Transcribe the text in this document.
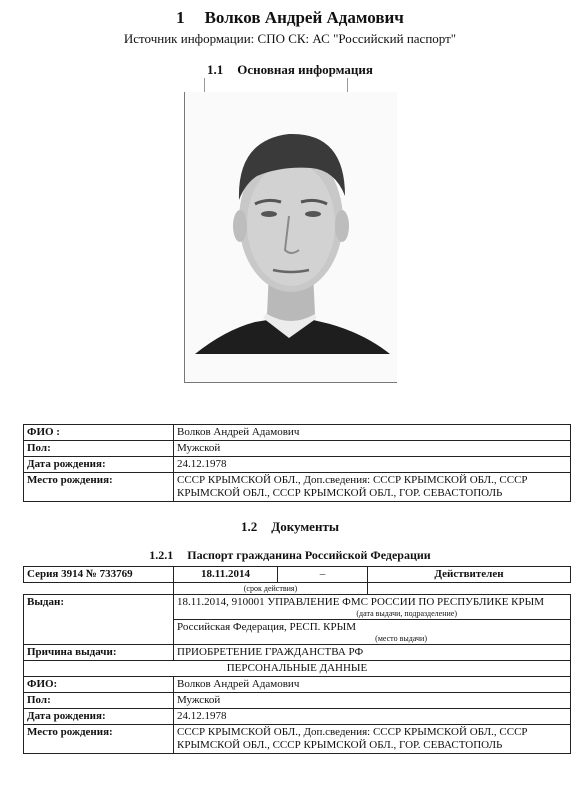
1 Волков Андрей Адамович
Источник информации: СПО СК: АС "Российский паспорт"
1.1 Основная информация
ФИО :	Волков Андрей Адамович
Пол:	Мужской
Дата рождения:	24.12.1978
Место рождения:	СССР КРЫМСКОЙ ОБЛ., Доп.сведения: СССР КРЫМСКОЙ ОБЛ., СССР КРЫМСКОЙ ОБЛ., СССР КРЫМСКОЙ ОБЛ., ГОР. СЕВАСТОПОЛЬ
1.2 Документы
1.2.1 Паспорт гражданина Российской Федерации
Серия 3914 № 733769	18.11.2014	–	Действителен

	(срок действия)		

Выдан:	18.11.2014, 910001 УПРАВЛЕНИЕ ФМС РОССИИ ПО РЕСПУБЛИКЕ КРЫМ
(дата выдачи, подразделение)		

	Российская Федерация, РЕСП. КРЫМ
(место выдачи)		

Причина выдачи:	ПРИОБРЕТЕНИЕ ГРАЖДАНСТВА РФ		
ПЕРСОНАЛЬНЫЕ ДАННЫЕ			
ФИО:	Волков Андрей Адамович		
Пол:	Мужской		
Дата рождения:	24.12.1978		
Место рождения:	СССР КРЫМСКОЙ ОБЛ., Доп.сведения: СССР КРЫМСКОЙ ОБЛ., СССР КРЫМСКОЙ ОБЛ., СССР КРЫМСКОЙ ОБЛ., ГОР. СЕВАСТОПОЛЬ		
